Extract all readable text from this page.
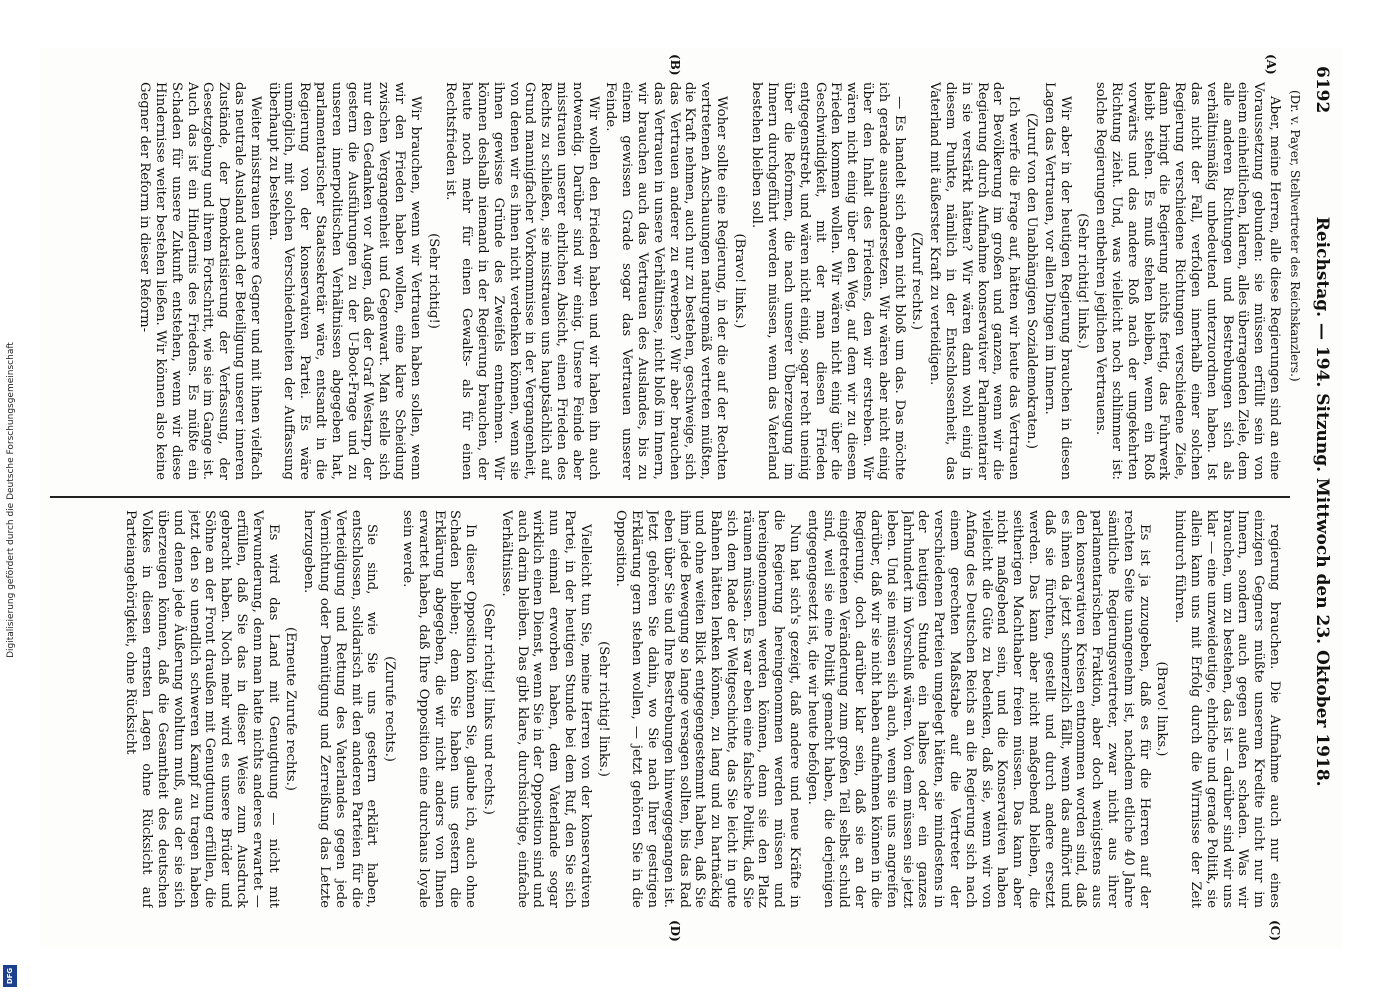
Digitalisierung gefördert durch die Deutsche Forschungsgemeinschaft
DFG
6192
Reichstag. — 194. Sitzung. Mittwoch den 23. Oktober 1918.
(Dr. v. Payer, Stellvertreter des Reichskanzlers.)
(A)
(B)
(C)
(D)

Aber, meine Herren, alle diese Regierungen sind an eine Voraussetzung gebunden: sie müssen erfüllt sein von einem einheitlichen, klaren, alles überragenden Ziele, dem alle anderen Richtungen und Bestrebungen sich als verhältnismäßig unbedeutend unterzuordnen haben. Ist das nicht der Fall, verfolgen innerhalb einer solchen Regierung verschiedene Richtungen verschiedene Ziele, dann bringt die Regierung nichts fertig, das Fuhrwerk bleibt stehen. Es muß stehen bleiben, wenn ein Roß vorwärts und das andere Roß nach der umgekehrten Richtung zieht. Und, was vielleicht noch schlimmer ist: solche Regierungen entbehren jeglichen Vertrauens.

(Sehr richtig! links.)

Wir aber in der heutigen Regierung brauchen in diesen Lagen das Vertrauen, vor allen Dingen im Innern.

(Zuruf von den Unabhängigen Sozialdemokraten.)

Ich werfe die Frage auf, hätten wir heute das Vertrauen der Bevölkerung im großen und ganzen, wenn wir die Regierung durch Aufnahme konservativer Parlamentarier in sie verstärkt hätten? Wir wären dann wohl einig in diesem Punkte, nämlich in der Entschlossenheit, das Vaterland mit äußerster Kraft zu verteidigen.

(Zuruf rechts.)

— Es handelt sich eben nicht bloß um das. Das möchte ich gerade auseinandersetzen. Wir wären aber nicht einig über den Inhalt des Friedens, den wir erstreben. Wir wären nicht einig über den Weg, auf dem wir zu diesem Frieden kommen wollen. Wir wären nicht einig über die Geschwindigkeit, mit der man diesen Frieden entgegenstrebt, und wären nicht einig, sogar recht uneinig über die Reformen, die nach unserer Überzeugung im Innern durchgeführt werden müssen, wenn das Vaterland bestehen bleiben soll.

(Bravo! links.)

Woher sollte eine Regierung, in der die auf der Rechten vertretenen Anschauungen naturgemäß vertreten müßten, die Kraft nehmen, auch nur zu bestehen, geschweige, sich das Vertrauen anderer zu erwerben? Wir aber brauchen das Vertrauen in unsere Verhältnisse, nicht bloß im Innern, wir brauchen auch das Vertrauen des Auslandes, bis zu einem gewissen Grade sogar das Vertrauen unserer Feinde.

Wir wollen den Frieden haben und wir haben ihn auch notwendig. Darüber sind wir einig. Unsere Feinde aber misstrauen unserer ehrlichen Absicht, einen Frieden des Rechts zu schließen, sie misstrauen uns hauptsächlich auf Grund mannigfacher Vorkommnisse in der Vergangenheit, von denen wir es ihnen nicht verdenken können, wenn sie ihnen gewisse Gründe des Zweifels entnehmen. Wir können deshalb niemand in der Regierung brauchen, der heute noch mehr für einen Gewalts- als für einen Rechtsfrieden ist.

(Sehr richtig!)

Wir brauchen, wenn wir Vertrauen haben sollen, wenn wir den Frieden haben wollen, eine klare Scheidung zwischen Vergangenheit und Gegenwart. Man stelle sich nur den Gedanken vor Augen, daß der Graf Westarp, der gestern die Ausführungen zu der U-Boot-Frage und zu unseren innerpolitischen Verhältnissen abgegeben hat, parlamentarischer Staatssekretär wäre, entsandt in die Regierung von der konservativen Partei. Es wäre unmöglich, mit solchen Verschiedenheiten der Auffassung überhaupt zu bestehen.

Weiter misstrauen unsere Gegner und mit ihnen vielfach das neutrale Ausland auch der Beteiligung unserer inneren Zustände, der Demokratisierung der Verfassung, der Gesetzgebung und ihrem Fortschritt, wie sie im Gange ist. Auch das ist ein Hindernis des Friedens. Es müßte ein Schaden für unsere Zukunft entstehen, wenn wir diese Hindernisse weiter bestehen ließen. Wir können also keine Gegner der Reform in dieser Reform-

regierung brauchen. Die Aufnahme auch nur eines einzigen Gegners müßte unserem Kredite nicht nur im Innern, sondern auch gegen außen schaden. Was wir brauchen, um zu bestehen, das ist — darüber sind wir uns klar — eine unzweideutige, ehrliche und gerade Politik, sie allein kann uns mit Erfolg durch die Wirrnisse der Zeit hindurch führen.

(Bravo! links.)

Es ist ja zuzugeben, daß es für die Herren auf der rechten Seite unangenehm ist, nachdem etliche 40 Jahre sämtliche Regierungsvertreter, zwar nicht aus ihrer parlamentarischen Fraktion, aber doch wenigstens aus den konservativen Kreisen entnommen worden sind, daß es ihnen da jetzt schmerzlich fällt, wenn das aufhört und daß sie fürchten, gestellt und durch andere ersetzt werden. Das kann aber nicht maßgebend bleiben, die seitherigen Machthaber freien müssen. Das kann aber nicht maßgebend sein, und die Konservativen haben vielleicht die Güte zu bedenken, daß sie, wenn wir von Anfang des Deutschen Reichs an die Regierung sich nach einem gerechten Maßstabe auf die Vertreter der verschiedenen Parteien umgelegt hätten, sie mindestens in der heutigen Stunde ein halbes oder ein ganzes Jahrhundert im Vorschuß wären. Von dem müssen sie jetzt leben. Und sie müssen sich auch, wenn sie uns angreifen darüber, daß wir sie nicht haben aufnehmen können in die Regierung, doch darüber klar sein, daß sie an der eingetretenen Veränderung zum großen Teil selbst schuld sind, weil sie eine Politik gemacht haben, die derjenigen entgegengesetzt ist, die wir heute befolgen.

Nun hat sich's gezeigt, daß andere und neue Kräfte in die Regierung hereingenommen werden müssen und hereingenommen werden können, denn sie den Platz räumen müssen. Es war eben eine falsche Politik, daß Sie sich dem Rade der Weltgeschichte, das Sie leicht in gute Bahnen hätten lenken können, zu lang und zu hartnäckig und ohne weiten Blick entgegengestemmt haben, daß Sie ihm jede Bewegung so lange versagen sollten, bis das Rad eben über Sie und Ihre Bestrebungen hinweggegangen ist. Jetzt gehören Sie dahin, wo Sie nach Ihrer gestrigen Erklärung gern stehen wollen, — jetzt gehören Sie in die Opposition.

(Sehr richtig! links.)

Vielleicht tun Sie, meine Herren von der konservativen Partei, in der heutigen Stunde bei dem Ruf, den Sie sich nun einmal erworben haben, dem Vaterlande sogar wirklich einen Dienst, wenn Sie in der Opposition sind und auch darin bleiben. Das gibt klare, durchsichtige, einfache Verhältnisse.

(Sehr richtig! links und rechts.)

In dieser Opposition können Sie, glaube ich, auch ohne Schaden bleiben; denn Sie haben uns gestern die Erklärung abgegeben, die wir nicht anders von Ihnen erwartet haben, daß Ihre Opposition eine durchaus loyale sein werde.

(Zurufe rechts.)

Sie sind, wie Sie uns gestern erklärt haben, entschlossen, solidarisch mit den anderen Parteien für die Verteidigung und Rettung des Vaterlandes gegen jede Vernichtung oder Demütigung und Zerreißung das Letzte herzugeben.

(Erneute Zurufe rechts.)

Es wird das Land mit Genugtuung — nicht mit Verwunderung, denn man hatte nichts anderes erwartet — erfüllen, daß Sie das in dieser Weise zum Ausdruck gebracht haben. Noch mehr wird es unsere Brüder und Söhne an der Front draußen mit Genugtuung erfüllen, die jetzt den so unendlich schweren Kampf zu tragen haben und denen jede Äußerung wohltun muß, aus der sie sich überzeugen können, daß die Gesamtheit des deutschen Volkes in diesen ernsten Lagen ohne Rücksicht auf Parteiangehörigkeit, ohne Rücksicht
